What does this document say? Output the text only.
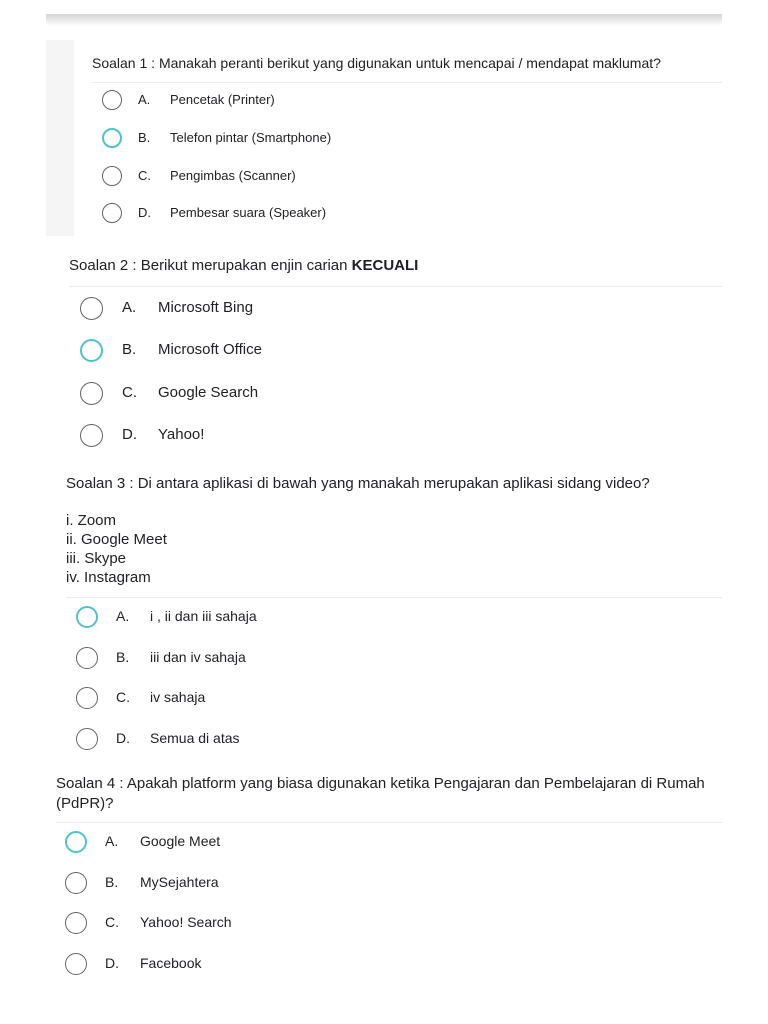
Soalan 1 : Manakah peranti berikut yang digunakan untuk mencapai / mendapat maklumat?
A. Pencetak (Printer)
B. Telefon pintar (Smartphone)
C. Pengimbas (Scanner)
D. Pembesar suara (Speaker)
Soalan 2 : Berikut merupakan enjin carian KECUALI
A. Microsoft Bing
B. Microsoft Office
C. Google Search
D. Yahoo!
Soalan 3 : Di antara aplikasi di bawah yang manakah merupakan aplikasi sidang video?
i. Zoom
ii. Google Meet
iii. Skype
iv. Instagram
A. i , ii dan iii sahaja
B. iii dan iv sahaja
C. iv sahaja
D. Semua di atas
Soalan 4 : Apakah platform yang biasa digunakan ketika Pengajaran dan Pembelajaran di Rumah (PdPR)?
A. Google Meet
B. MySejahtera
C. Yahoo! Search
D. Facebook
